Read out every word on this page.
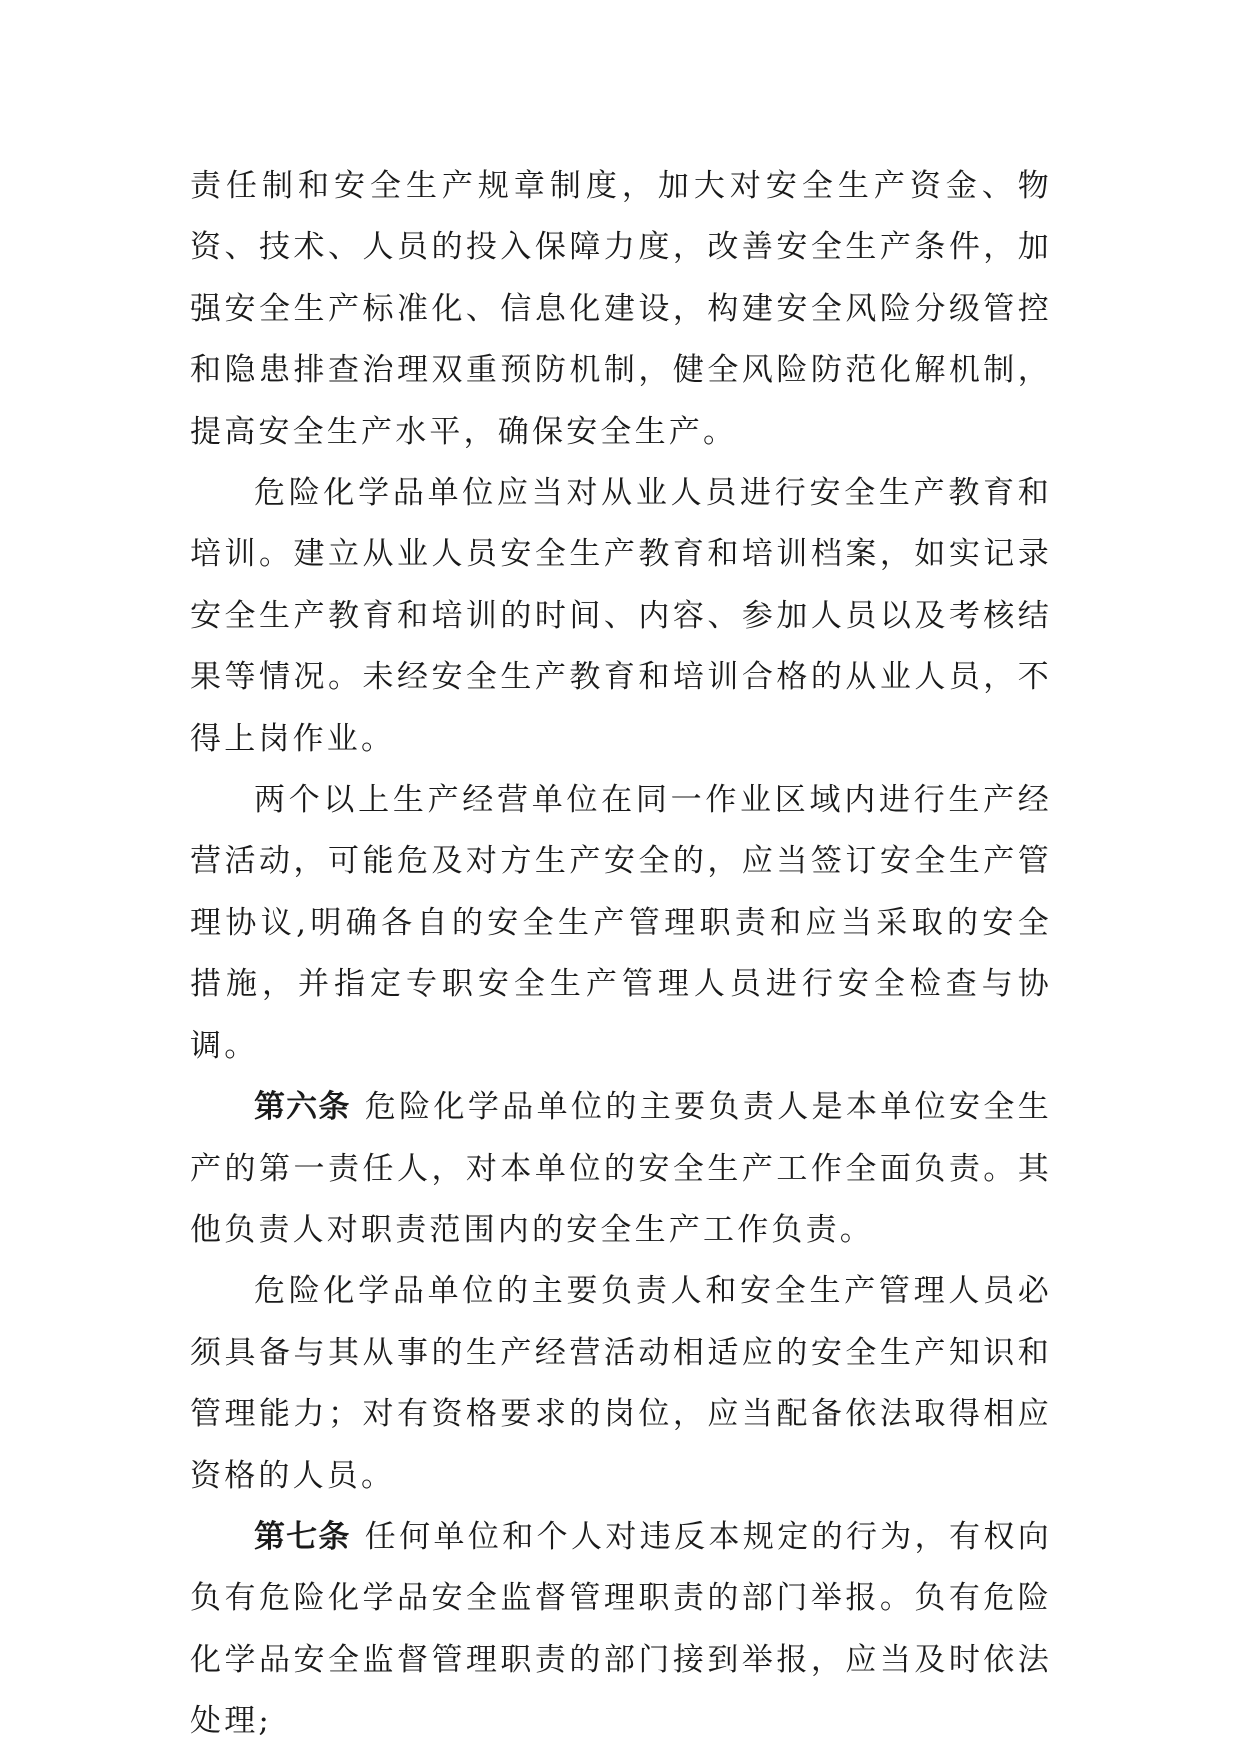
责任制和安全生产规章制度，加大对安全生产资金、物资、技术、人员的投入保障力度，改善安全生产条件，加强安全生产标准化、信息化建设，构建安全风险分级管控和隐患排查治理双重预防机制，健全风险防范化解机制，提高安全生产水平，确保安全生产。

危险化学品单位应当对从业人员进行安全生产教育和培训。建立从业人员安全生产教育和培训档案，如实记录安全生产教育和培训的时间、内容、参加人员以及考核结果等情况。未经安全生产教育和培训合格的从业人员，不得上岗作业。

两个以上生产经营单位在同一作业区域内进行生产经营活动，可能危及对方生产安全的，应当签订安全生产管理协议,明确各自的安全生产管理职责和应当采取的安全措施，并指定专职安全生产管理人员进行安全检查与协调。

第六条 危险化学品单位的主要负责人是本单位安全生产的第一责任人，对本单位的安全生产工作全面负责。其他负责人对职责范围内的安全生产工作负责。

危险化学品单位的主要负责人和安全生产管理人员必须具备与其从事的生产经营活动相适应的安全生产知识和管理能力；对有资格要求的岗位，应当配备依法取得相应资格的人员。

第七条 任何单位和个人对违反本规定的行为，有权向负有危险化学品安全监督管理职责的部门举报。负有危险化学品安全监督管理职责的部门接到举报，应当及时依法处理;
